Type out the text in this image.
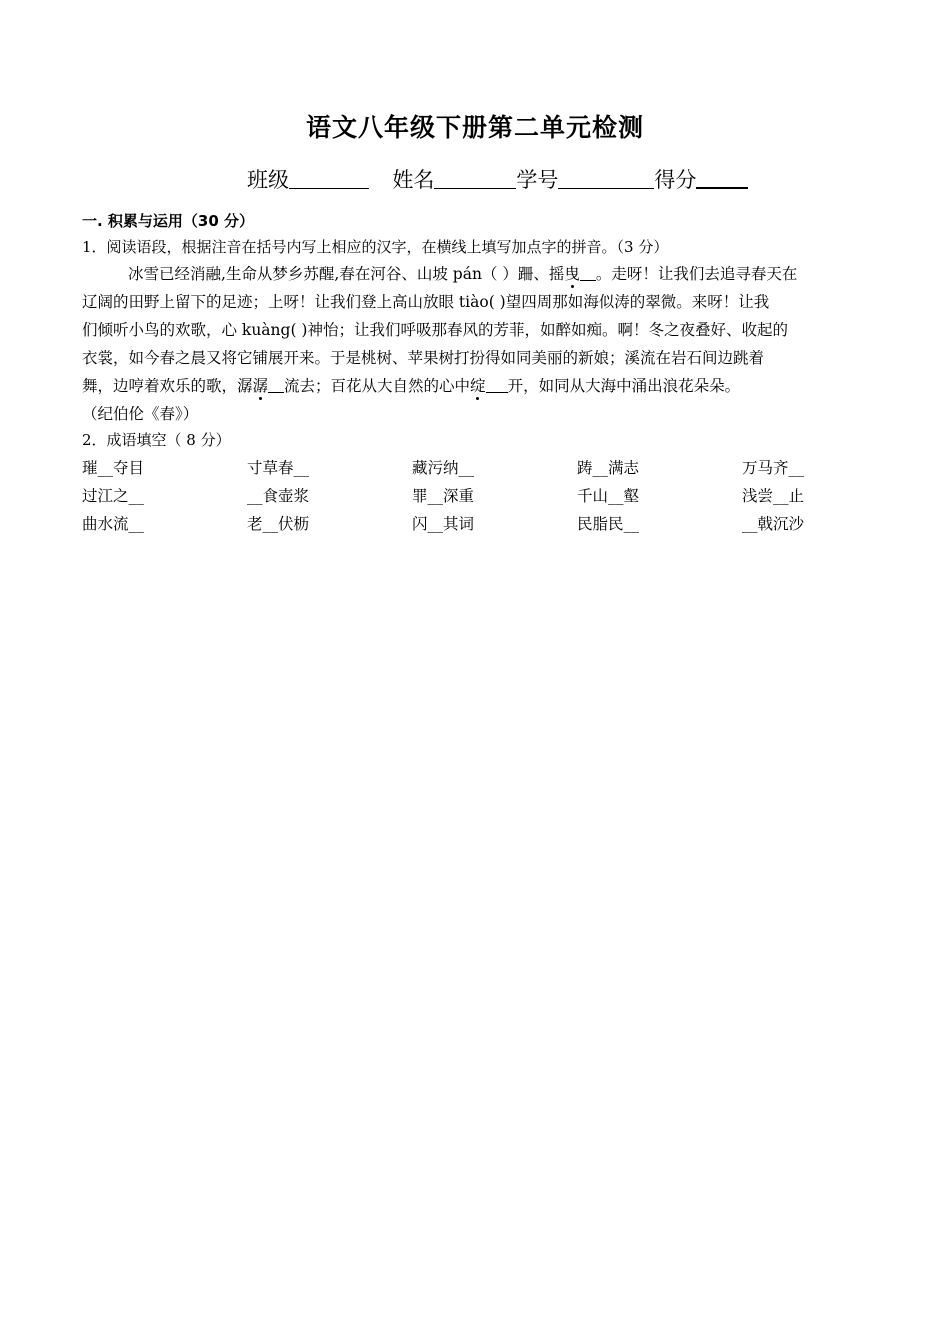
语文八年级下册第二单元检测
班级	姓名	学号	得分
一. 积累与运用（30 分）
1．阅读语段，根据注音在括号内写上相应的汉字，在横线上填写加点字的拼音。（3 分）
冰雪已经消融,生命从梦乡苏醒,春在河谷、山坡 pán（ ）跚、摇曳 。走呀！让我们去追寻春天在
辽阔的田野上留下的足迹；上呀！让我们登上高山放眼 tiào( )望四周那如海似涛的翠微。来呀！让我
们倾听小鸟的欢歌，心 kuàng( )神怡；让我们呼吸那春风的芳菲，如醉如痴。啊！冬之夜叠好、收起的
衣裳，如今春之晨又将它铺展开来。于是桃树、苹果树打扮得如同美丽的新娘；溪流在岩石间边跳着
舞，边哼着欢乐的歌，潺潺 流去；百花从大自然的心中绽 开，如同从大海中涌出浪花朵朵。
（纪伯伦《春》）
2．成语填空（ 8 分）
璀__夺目	寸草春__	藏污纳__	踌__满志	万马齐__
过江之__	__食壶浆	罪__深重	千山__壑	浅尝__止
曲水流__	老__伏枥	闪__其词	民脂民__	__戟沉沙
